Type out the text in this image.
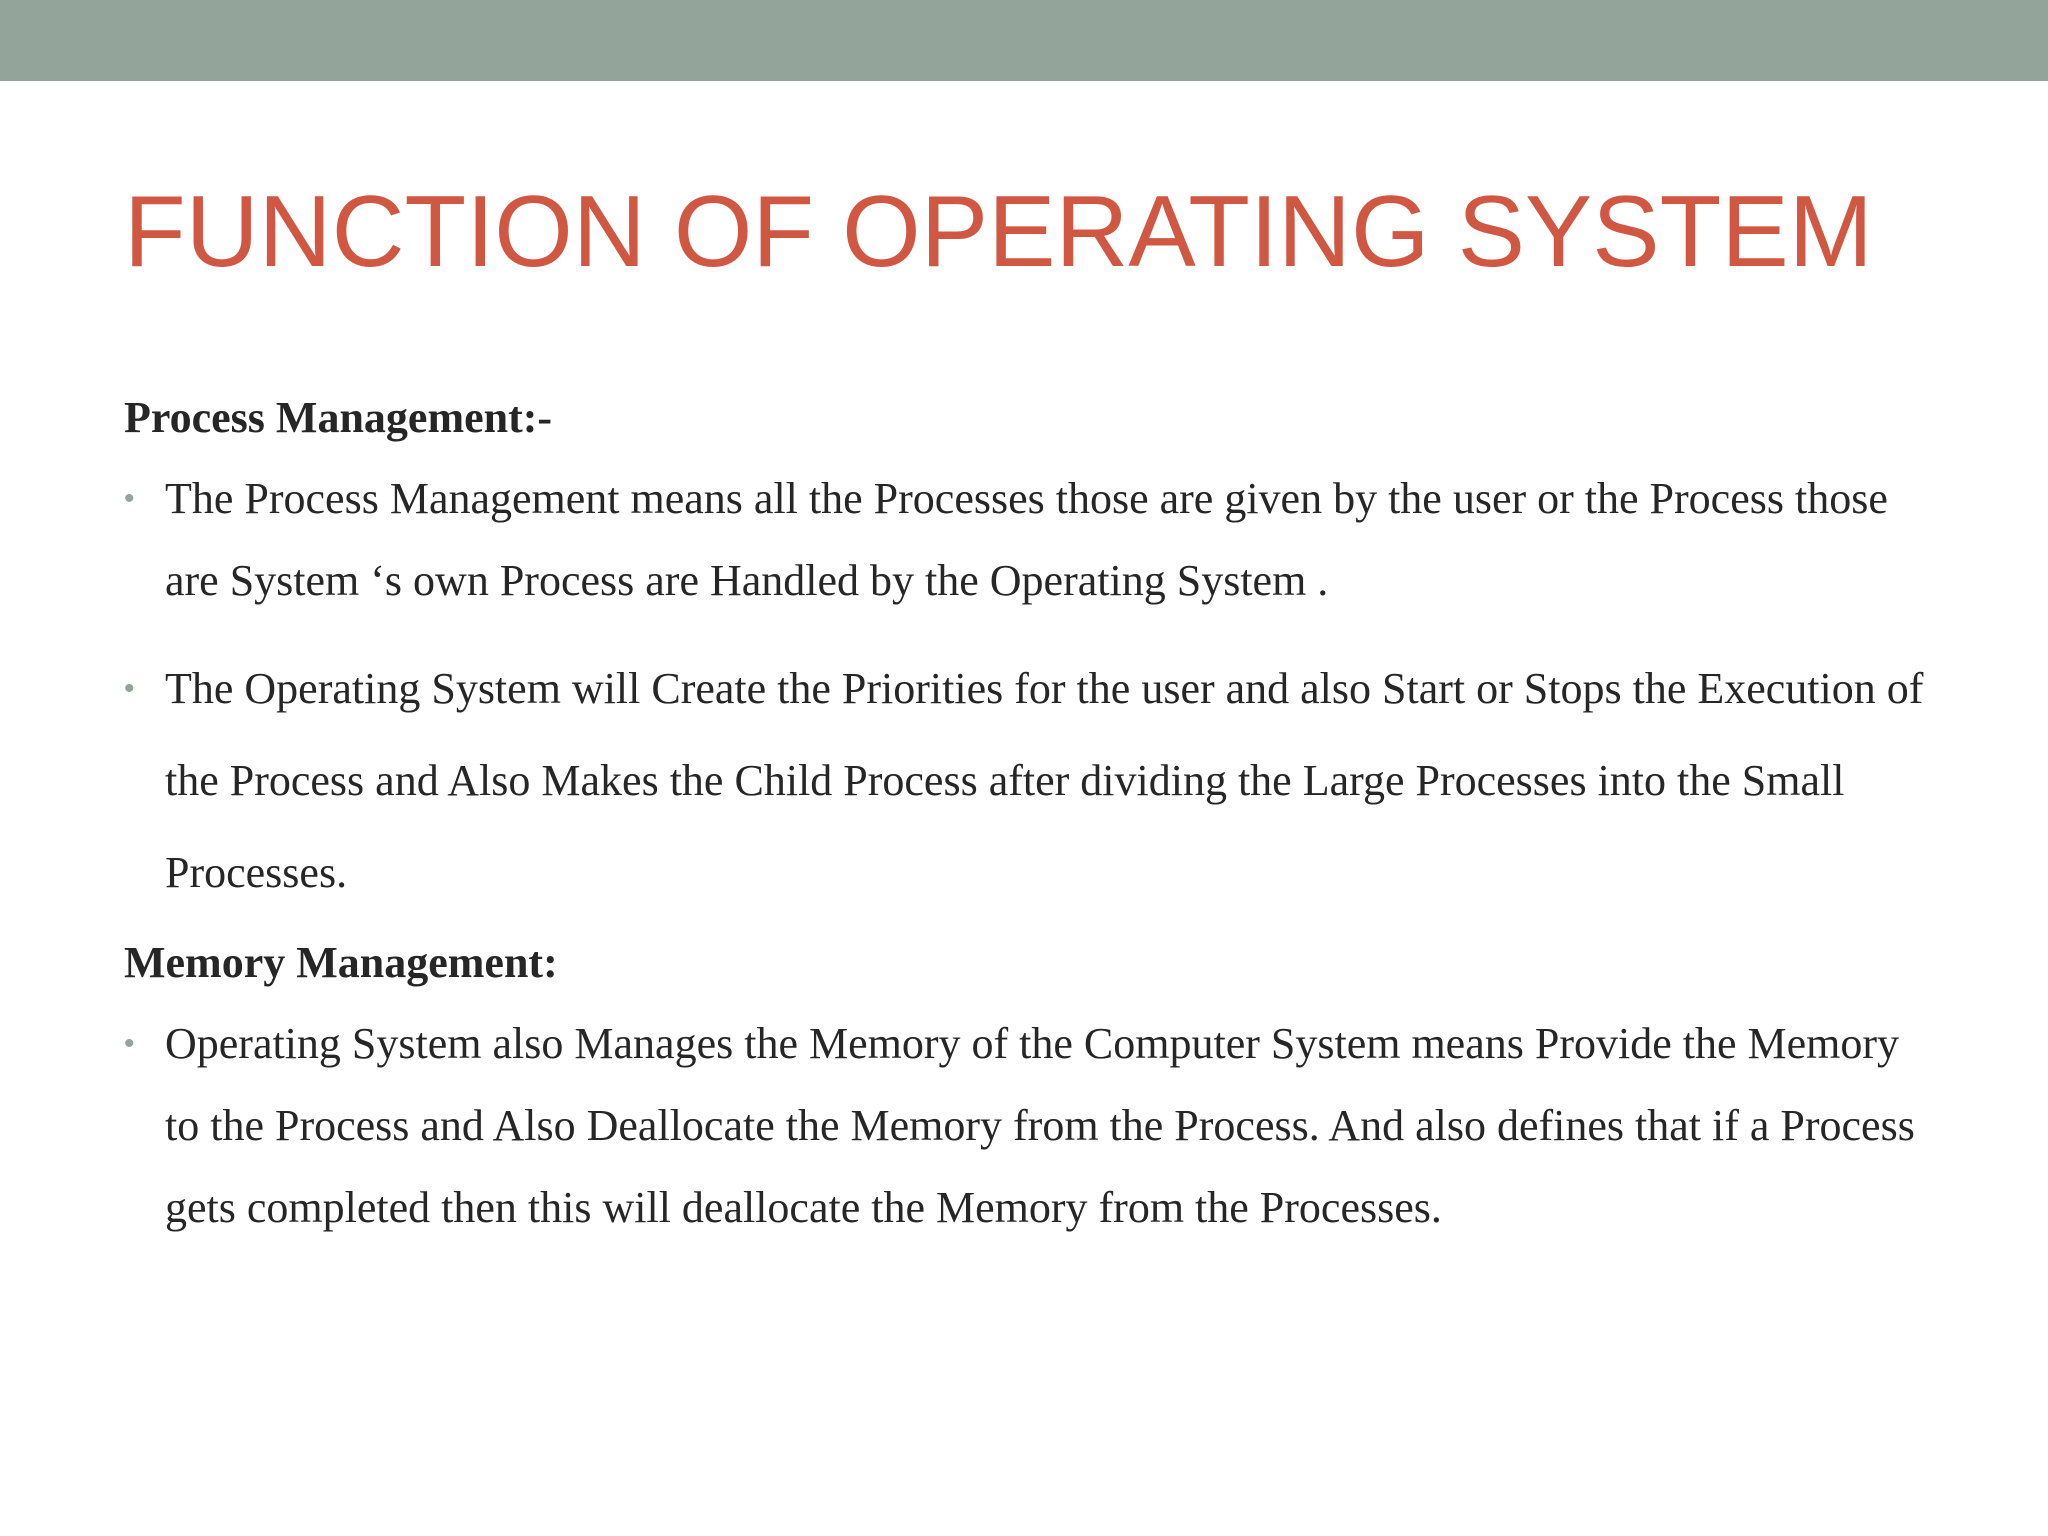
FUNCTION OF OPERATING SYSTEM

Process Management:-

• The Process Management means all the Processes those are given by the user or the Process those are System ‘s own Process are Handled by the Operating System .
• The Operating System will Create the Priorities for the user and also Start or Stops the Execution of the Process and Also Makes the Child Process after dividing the Large Processes into the Small Processes.

Memory Management:

• Operating System also Manages the Memory of the Computer System means Provide the Memory to the Process and Also Deallocate the Memory from the Process. And also defines that if a Process gets completed then this will deallocate the Memory from the Processes.
